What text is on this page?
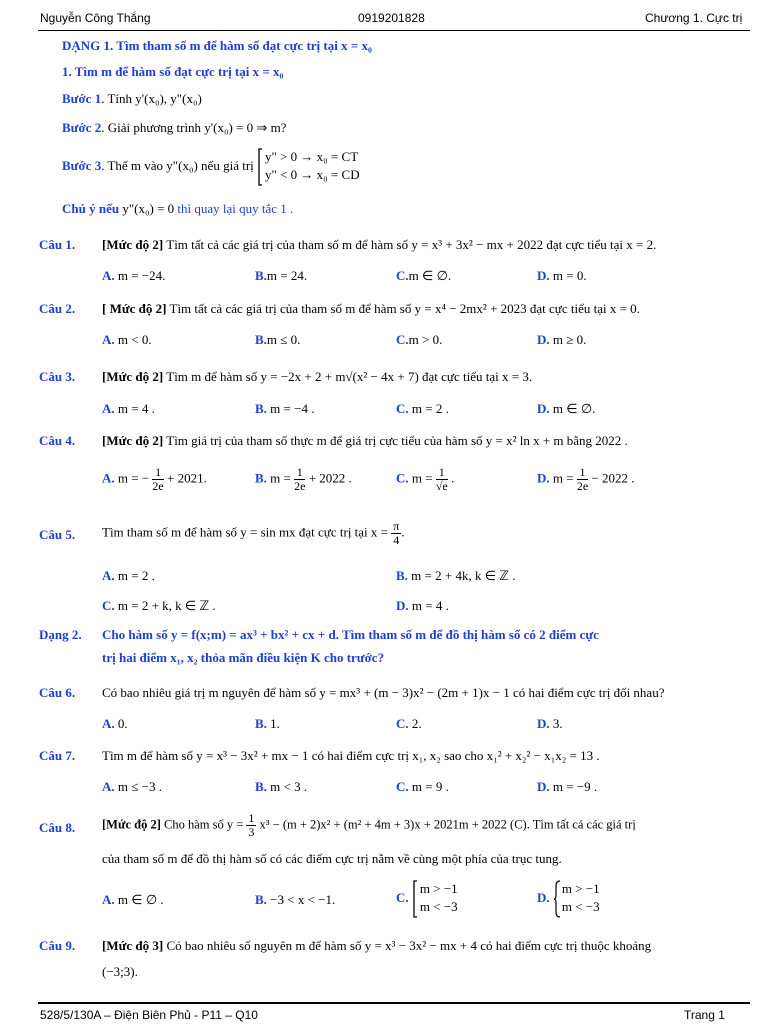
Nguyễn Công Thắng	0919201828	Chương 1. Cực trị
DẠNG 1. Tìm tham số m để hàm số đạt cực trị tại x = x₀
1. Tìm m để hàm số đạt cực trị tại x = x₀
Bước 1. Tính y'(x₀), y"(x₀)
Bước 2. Giải phương trình y'(x₀) = 0 ⇒ m?
Bước 3. Thế m vào y"(x₀) nếu giá trị
y" > 0 → x₀ = CT
y" < 0 → x₀ = CD
Chú ý nếu y"(x₀) = 0 thì quay lại quy tắc 1 .
Câu 1. [Mức độ 2] Tìm tất cả các giá trị của tham số m để hàm số y = x³ + 3x² − mx + 2022 đạt cực tiểu tại x = 2.
A. m = −24.	B.m = 24.	C.m ∈ ∅.	D. m = 0.
Câu 2. [ Mức độ 2] Tìm tất cả các giá trị của tham số m để hàm số y = x⁴ − 2mx² + 2023 đạt cực tiểu tại x = 0.
A. m < 0.	B.m ≤ 0.	C.m > 0.	D. m ≥ 0.
Câu 3. [Mức độ 2] Tìm m để hàm số y = −2x + 2 + m√(x² − 4x + 7) đạt cực tiểu tại x = 3.
A. m = 4 .	B. m = −4 .	C. m = 2 .	D. m ∈ ∅.
Câu 4. [Mức độ 2] Tìm giá trị của tham số thực m để giá trị cực tiểu của hàm số y = x² ln x + m bằng 2022 .
A. m = − $\frac{1}{2e} + 2021$.	B. $m = \frac{1}{2e} + 2022$ .	C. $m = \frac{1}{√e}$ .	D. $m = \frac{1}{2e} - 2022$ .
Câu 5. Tìm tham số m để hàm số y = sin mx đạt cực trị tại $x = \frac{\pi}{4}$ .
A. m = 2 .	B. m = 2 + 4k, k ∈ ℤ .
C. m = 2 + k, k ∈ ℤ .	D. m = 4 .
Dạng 2. Cho hàm số y = f(x;m) = ax³ + bx² + cx + d. Tìm tham số m để đồ thị hàm số có 2 điểm cực
trị hai điểm x₁, x₂ thỏa mãn điều kiện K cho trước?
Câu 6. Có bao nhiêu giá trị m nguyên để hàm số y = mx³ + (m − 3)x² − (2m + 1)x − 1 có hai điểm cực trị đối nhau?
A. 0.	B. 1.	C. 2.	D. 3.
Câu 7. Tìm m để hàm số y = x³ − 3x² + mx − 1 có hai điểm cực trị x₁, x₂ sao cho x₁² + x₂² − x₁x₂ = 13 .
A. m ≤ −3 .	B. m < 3 .	C. m = 9 .	D. m = −9 .
Câu 8. [Mức độ 2] Cho hàm số $y = \frac{1}{3} x^3 - (m + 2)x^2 + (m^2 + 4m + 3)x + 2021m + 2022$ (C). Tìm tất cả các giá trị
của tham số m để đồ thị hàm số có các điểm cực trị nằm về cùng một phía của trục tung.
A. m ∈ ∅ .	B. −3 < x < −1.	C.
m > −1
m < −3
D.
m > −1
m < −3
Câu 9. [Mức độ 3] Có bao nhiêu số nguyên m để hàm số y = x³ − 3x² − mx + 4 có hai điểm cực trị thuộc khoảng
(−3;3).
528/5/130A – Điện Biên Phủ - P11 – Q10	Trang 1
